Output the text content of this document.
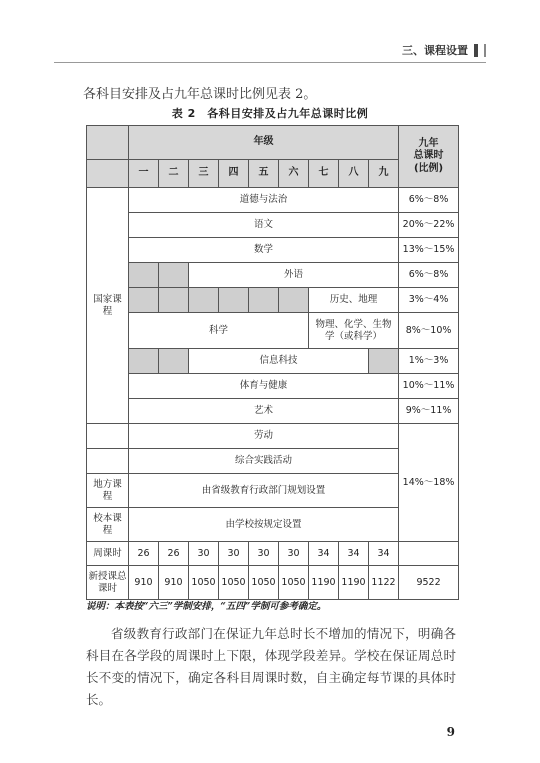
三、课程设置
各科目安排及占九年总课时比例见表 2。
表 2　各科目安排及占九年总课时比例
	年级									九年
总课时
(比例)

	一	二	三	四	五	六	七	八	九	

国家课程	道德与法治									6%～8%
	语文									20%～22%
	数学									13%～15%
			外语							6%～8%
							历史、地理			3%～4%
	科学						物理、化学、生物学（或科学）			8%～10%
			信息科技							1%～3%
	体育与健康									10%～11%
	艺术									9%～11%
	劳动									14%～18%
	综合实践活动									

地方课程	由省级教育行政部门规划设置									

校本课程	由学校按规定设置									
周课时	26	26	30	30	30	30	34	34	34	

新授课总课时	910	910	1050	1050	1050	1050	1190	1190	1122	9522
说明：本表按“六三”学制安排，“五四”学制可参考确定。
省级教育行政部门在保证九年总时长不增加的情况下，明确各科目在各学段的周课时上下限，体现学段差异。学校在保证周总时长不变的情况下，确定各科目周课时数，自主确定每节课的具体时长。
9
